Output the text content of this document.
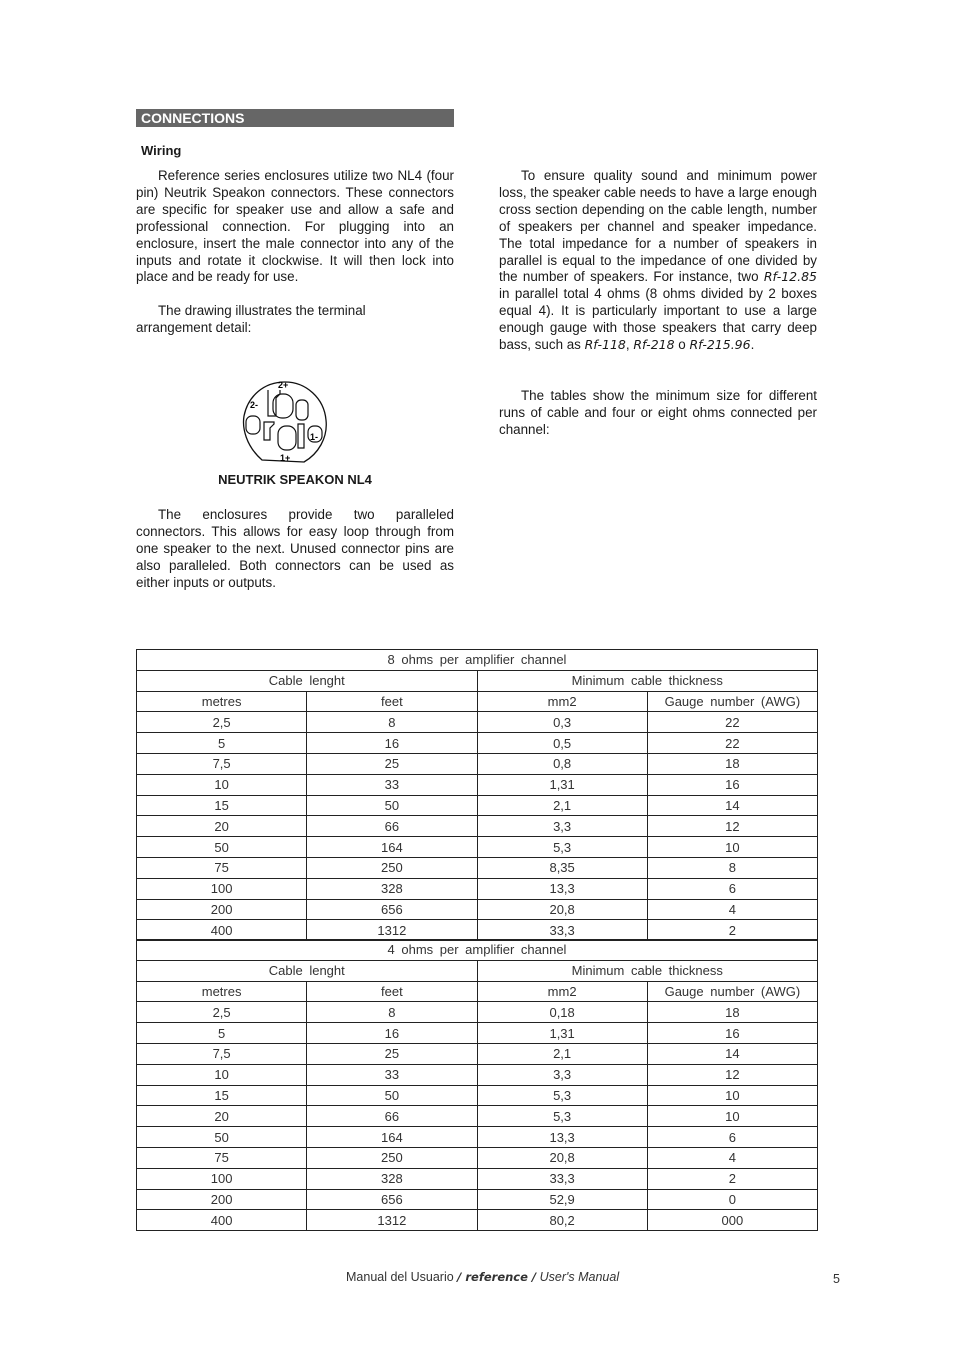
CONNECTIONS
Wiring

Reference series enclosures utilize two NL4 (four pin) Neutrik Speakon connectors. These connectors are specific for speaker use and allow a safe and professional connection. For plugging into an enclosure, insert the male connector into any of the inputs and rotate it clockwise. It will then lock into place and be ready for use.

The drawing illustrates the terminal arrangement detail:

2+
2-
1-
1+
NEUTRIK SPEAKON NL4

The enclosures provide two paralleled connectors. This allows for easy loop through from one speaker to the next. Unused connector pins are also paralleled. Both connectors can be used as either inputs or outputs.

To ensure quality sound and minimum power loss, the speaker cable needs to have a large enough cross section depending on the cable length, number of speakers per channel and speaker impedance. The total impedance for a number of speakers in parallel is equal to the impedance of one divided by the number of speakers. For instance, two Rf-12.85 in parallel total 4 ohms (8 ohms divided by 2 boxes equal 4). It is particularly important to use a large enough gauge with those speakers that carry deep bass, such as Rf-118, Rf-218 o Rf-215.96.

The tables show the minimum size for different runs of cable and four or eight ohms connected per channel:

8 ohms per amplifier channel			
Cable lenght		Minimum cable thickness	
metres	feet	mm2	Gauge number (AWG)
2,5	8	0,3	22
5	16	0,5	22
7,5	25	0,8	18
10	33	1,31	16
15	50	2,1	14
20	66	3,3	12
50	164	5,3	10
75	250	8,35	8
100	328	13,3	6
200	656	20,8	4
400	1312	33,3	2
4 ohms per amplifier channel			
Cable lenght		Minimum cable thickness	
metres	feet	mm2	Gauge number (AWG)
2,5	8	0,18	18
5	16	1,31	16
7,5	25	2,1	14
10	33	3,3	12
15	50	5,3	10
20	66	5,3	10
50	164	13,3	6
75	250	20,8	4
100	328	33,3	2
200	656	52,9	0
400	1312	80,2	000
Manual del Usuario / reference / User's Manual	5
